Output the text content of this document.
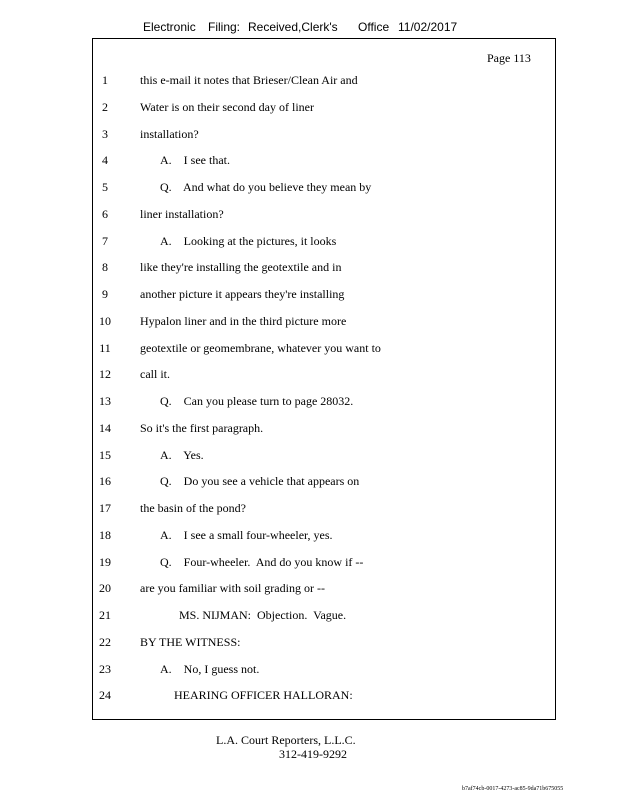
Electronic Filing: Received,Clerk's Office 11/02/2017
Page 113
1	this e-mail it notes that Brieser/Clean Air and
2	Water is on their second day of liner
3	installation?
4	A.    I see that.
5	Q.    And what do you believe they mean by
6	liner installation?
7	A.    Looking at the pictures, it looks
8	like they're installing the geotextile and in
9	another picture it appears they're installing
10	Hypalon liner and in the third picture more
11	geotextile or geomembrane, whatever you want to
12	call it.
13	Q.    Can you please turn to page 28032.
14	So it's the first paragraph.
15	A.    Yes.
16	Q.    Do you see a vehicle that appears on
17	the basin of the pond?
18	A.    I see a small four-wheeler, yes.
19	Q.    Four-wheeler.  And do you know if --
20	are you familiar with soil grading or --
21	MS. NIJMAN:  Objection.  Vague.
22	BY THE WITNESS:
23	A.    No, I guess not.
24	HEARING OFFICER HALLORAN:
L.A. Court Reporters, L.L.C.
312-419-9292
b7af74cb-0017-4273-ac85-9da71b675055
